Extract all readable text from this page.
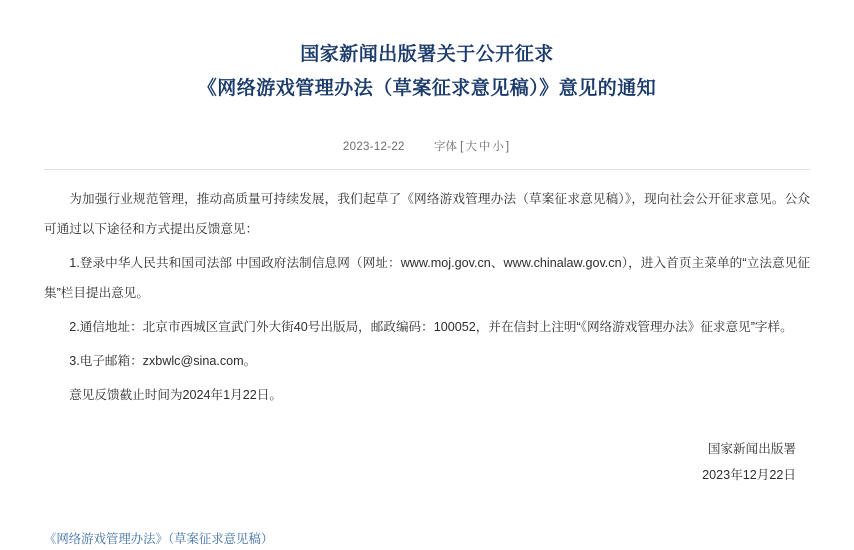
国家新闻出版署关于公开征求
《网络游戏管理办法（草案征求意见稿）》意见的通知
2023-12-22	字体 [大中小]

为加强行业规范管理，推动高质量可持续发展，我们起草了《网络游戏管理办法（草案征求意见稿）》，现向社会公开征求意见。公众可通过以下途径和方式提出反馈意见：

1.登录中华人民共和国司法部 中国政府法制信息网（网址：www.moj.gov.cn、www.chinalaw.gov.cn），进入首页主菜单的“立法意见征集”栏目提出意见。

2.通信地址：北京市西城区宣武门外大街40号出版局，邮政编码：100052，并在信封上注明“《网络游戏管理办法》征求意见”字样。

3.电子邮箱：zxbwlc@sina.com。

意见反馈截止时间为2024年1月22日。

国家新闻出版署
2023年12月22日
《网络游戏管理办法》（草案征求意见稿）
